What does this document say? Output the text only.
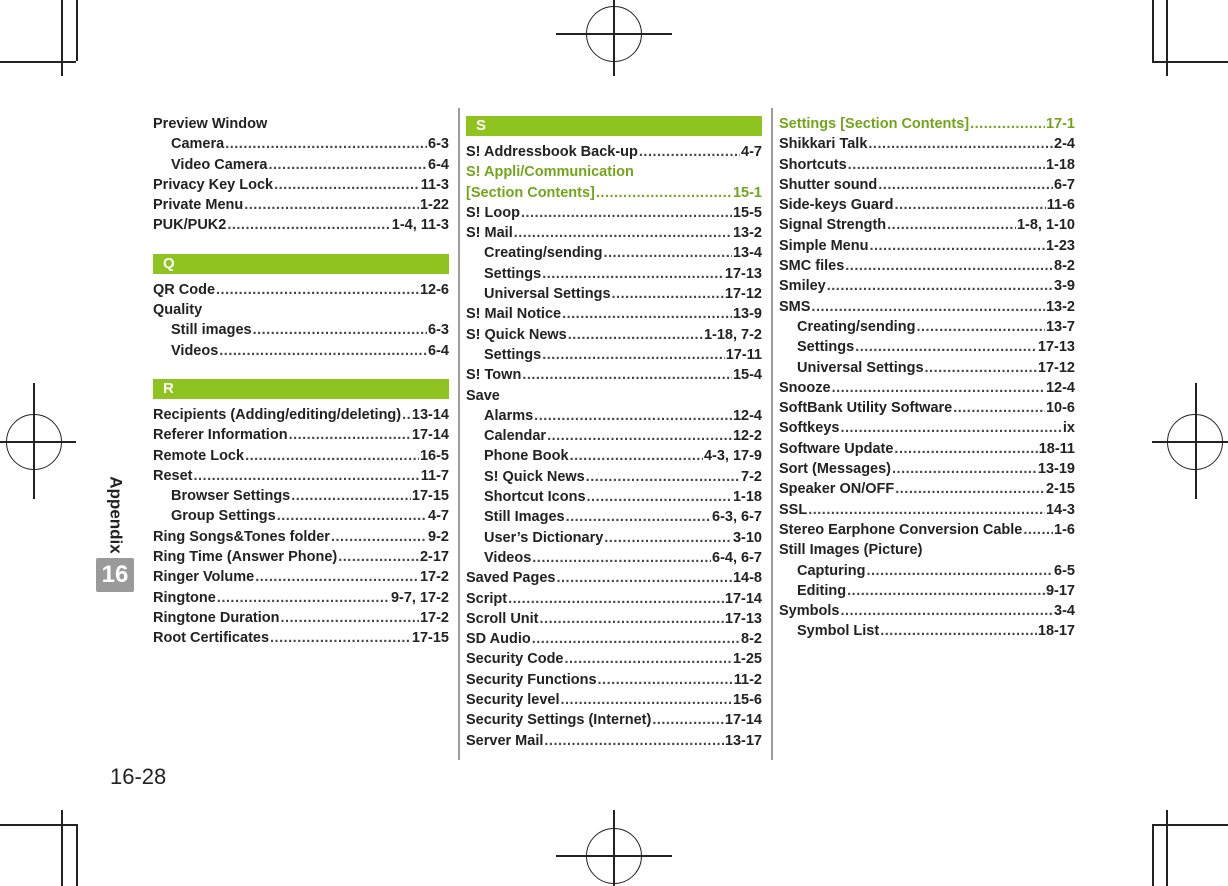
Appendix
16
Preview Window
Camera .....	6-3
Video Camera .....	6-4
Privacy Key Lock .....	11-3
Private Menu .....	1-22
PUK/PUK2 .....	1-4, 11-3
Q
QR Code .....	12-6
Quality
Still images .....	6-3
Videos .....	6-4
R
Recipients (Adding/editing/deleting) ..... 13-14
Referer Information .....	17-14
Remote Lock .....	16-5
Reset .....	11-7
Browser Settings .....	17-15
Group Settings .....	4-7
Ring Songs&Tones folder .....	9-2
Ring Time (Answer Phone) .....	2-17
Ringer Volume .....	17-2
Ringtone .....	9-7, 17-2
Ringtone Duration .....	17-2
Root Certificates .....	17-15
S
S! Addressbook Back-up .....	4-7
S! Appli/Communication
[Section Contents] .....	15-1
S! Loop .....	15-5
S! Mail .....	13-2
Creating/sending .....	13-4
Settings .....	17-13
Universal Settings .....	17-12
S! Mail Notice .....	13-9
S! Quick News .....	1-18, 7-2
Settings .....	17-11
S! Town .....	15-4
Save
Alarms .....	12-4
Calendar .....	12-2
Phone Book .....	4-3, 17-9
S! Quick News .....	7-2
Shortcut Icons .....	1-18
Still Images .....	6-3, 6-7
User’s Dictionary .....	3-10
Videos .....	6-4, 6-7
Saved Pages .....	14-8
Script .....	17-14
Scroll Unit .....	17-13
SD Audio .....	8-2
Security Code .....	1-25
Security Functions .....	11-2
Security level .....	15-6
Security Settings (Internet) .....	17-14
Server Mail .....	13-17
Settings [Section Contents] .....	17-1
Shikkari Talk .....	2-4
Shortcuts .....	1-18
Shutter sound .....	6-7
Side-keys Guard .....	11-6
Signal Strength .....	1-8, 1-10
Simple Menu .....	1-23
SMC files .....	8-2
Smiley .....	3-9
SMS .....	13-2
Creating/sending .....	13-7
Settings .....	17-13
Universal Settings .....	17-12
Snooze .....	12-4
SoftBank Utility Software .....	10-6
Softkeys .....	ix
Software Update .....	18-11
Sort (Messages) .....	13-19
Speaker ON/OFF .....	2-15
SSL .....	14-3
Stereo Earphone Conversion Cable ..... 1-6
Still Images (Picture)
Capturing .....	6-5
Editing .....	9-17
Symbols .....	3-4
Symbol List .....	18-17
16-28
